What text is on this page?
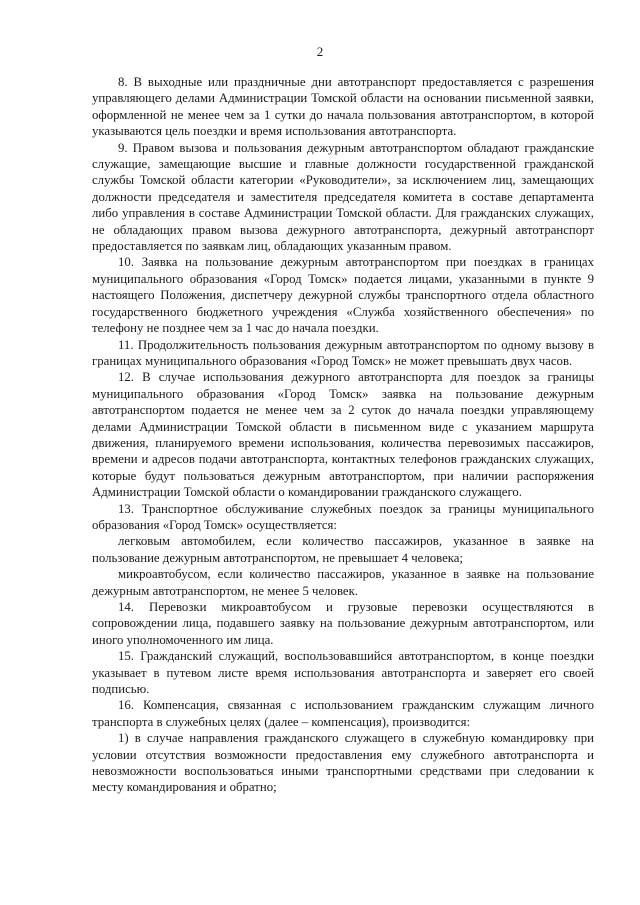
2

8. В выходные или праздничные дни автотранспорт предоставляется с разрешения управляющего делами Администрации Томской области на основании письменной заявки, оформленной не менее чем за 1 сутки до начала пользования автотранспортом, в которой указываются цель поездки и время использования автотранспорта.

9. Правом вызова и пользования дежурным автотранспортом обладают гражданские служащие, замещающие высшие и главные должности государственной гражданской службы Томской области категории «Руководители», за исключением лиц, замещающих должности председателя и заместителя председателя комитета в составе департамента либо управления в составе Администрации Томской области. Для гражданских служащих, не обладающих правом вызова дежурного автотранспорта, дежурный автотранспорт предоставляется по заявкам лиц, обладающих указанным правом.

10. Заявка на пользование дежурным автотранспортом при поездках в границах муниципального образования «Город Томск» подается лицами, указанными в пункте 9 настоящего Положения, диспетчеру дежурной службы транспортного отдела областного государственного бюджетного учреждения «Служба хозяйственного обеспечения» по телефону не позднее чем за 1 час до начала поездки.

11. Продолжительность пользования дежурным автотранспортом по одному вызову в границах муниципального образования «Город Томск» не может превышать двух часов.

12. В случае использования дежурного автотранспорта для поездок за границы муниципального образования «Город Томск» заявка на пользование дежурным автотранспортом подается не менее чем за 2 суток до начала поездки управляющему делами Администрации Томской области в письменном виде с указанием маршрута движения, планируемого времени использования, количества перевозимых пассажиров, времени и адресов подачи автотранспорта, контактных телефонов гражданских служащих, которые будут пользоваться дежурным автотранспортом, при наличии распоряжения Администрации Томской области о командировании гражданского служащего.

13. Транспортное обслуживание служебных поездок за границы муниципального образования «Город Томск» осуществляется:

легковым автомобилем, если количество пассажиров, указанное в заявке на пользование дежурным автотранспортом, не превышает 4 человека;

микроавтобусом, если количество пассажиров, указанное в заявке на пользование дежурным автотранспортом, не менее 5 человек.

14. Перевозки микроавтобусом и грузовые перевозки осуществляются в сопровождении лица, подавшего заявку на пользование дежурным автотранспортом, или иного уполномоченного им лица.

15. Гражданский служащий, воспользовавшийся автотранспортом, в конце поездки указывает в путевом листе время использования автотранспорта и заверяет его своей подписью.

16. Компенсация, связанная с использованием гражданским служащим личного транспорта в служебных целях (далее – компенсация), производится:

1) в случае направления гражданского служащего в служебную командировку при условии отсутствия возможности предоставления ему служебного автотранспорта и невозможности воспользоваться иными транспортными средствами при следовании к месту командирования и обратно;
